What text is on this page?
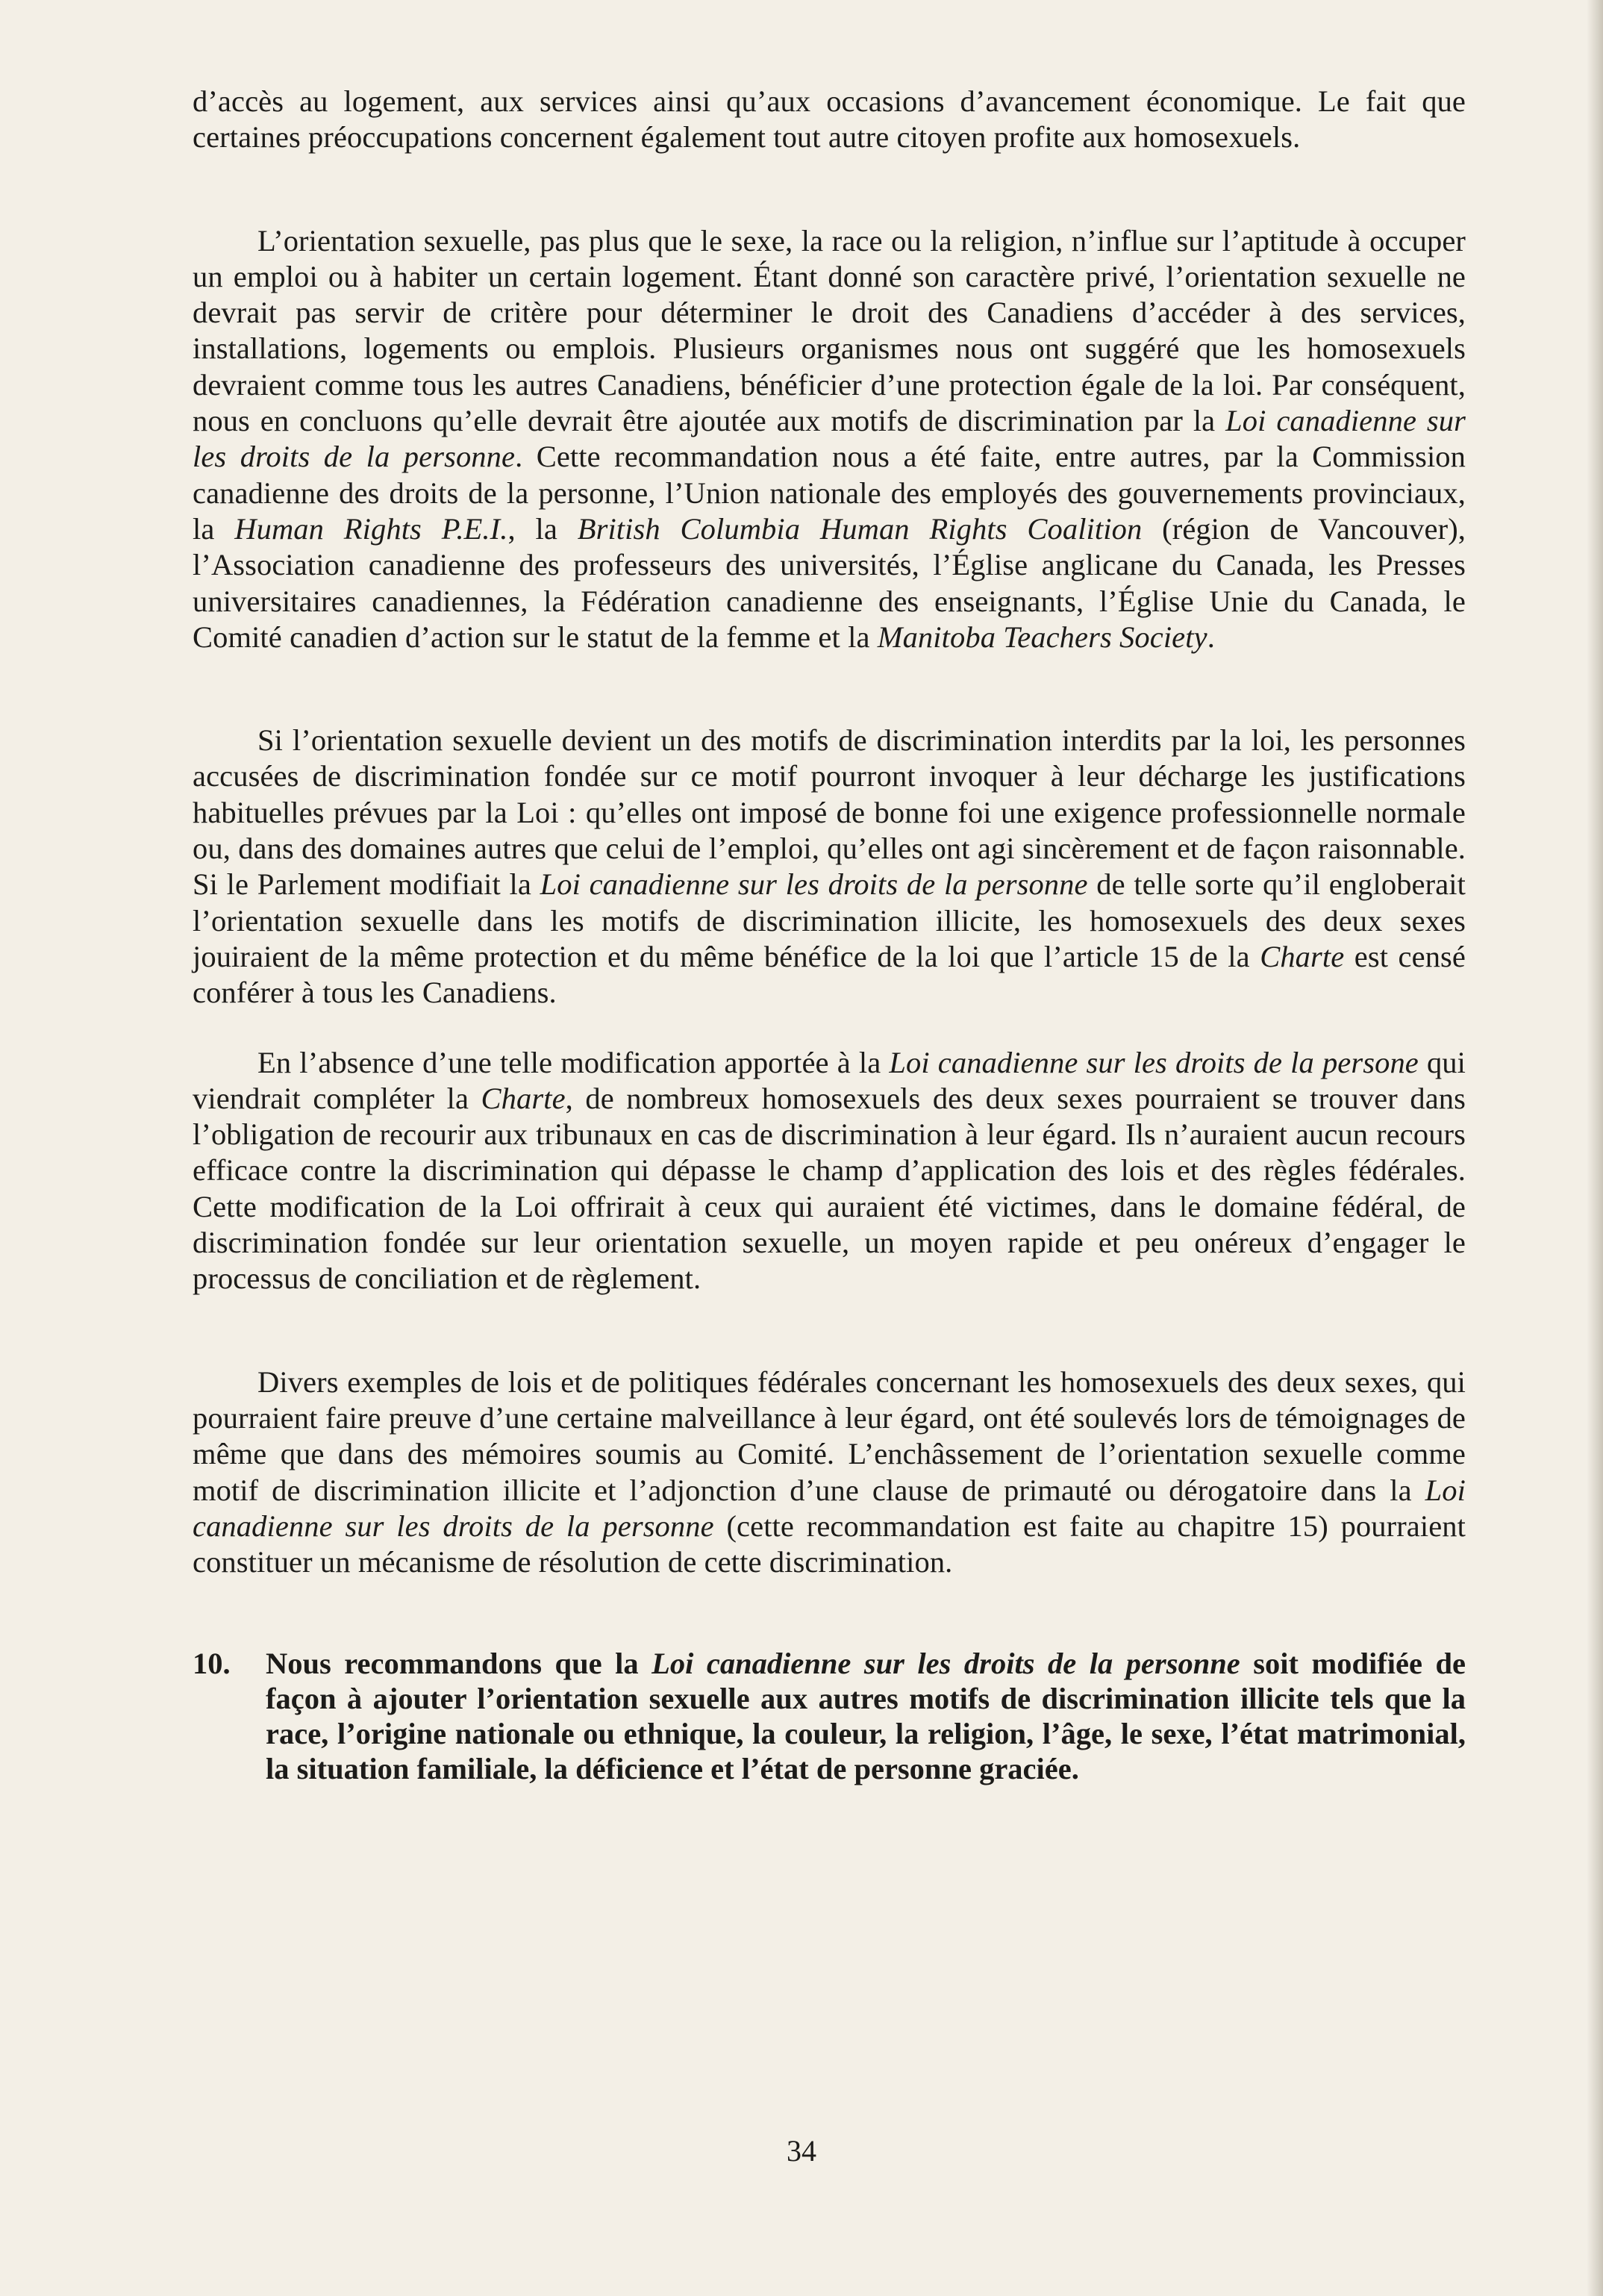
d’accès au logement, aux services ainsi qu’aux occasions d’avancement économique. Le fait que certaines préoccupations concernent également tout autre citoyen profite aux homosexuels.

L’orientation sexuelle, pas plus que le sexe, la race ou la religion, n’influe sur l’aptitude à occuper un emploi ou à habiter un certain logement. Étant donné son caractère privé, l’orientation sexuelle ne devrait pas servir de critère pour déterminer le droit des Canadiens d’accéder à des services, installations, logements ou emplois. Plusieurs organismes nous ont suggéré que les homosexuels devraient comme tous les autres Canadiens, bénéficier d’une protection égale de la loi. Par conséquent, nous en concluons qu’elle devrait être ajoutée aux motifs de discrimination par la Loi canadienne sur les droits de la personne. Cette recommandation nous a été faite, entre autres, par la Commission canadienne des droits de la personne, l’Union nationale des employés des gouvernements provinciaux, la Human Rights P.E.I., la British Columbia Human Rights Coalition (région de Vancouver), l’Association canadienne des professeurs des universités, l’Église anglicane du Canada, les Presses universitaires canadiennes, la Fédération canadienne des enseignants, l’Église Unie du Canada, le Comité canadien d’action sur le statut de la femme et la Manitoba Teachers Society.

Si l’orientation sexuelle devient un des motifs de discrimination interdits par la loi, les personnes accusées de discrimination fondée sur ce motif pourront invoquer à leur décharge les justifications habituelles prévues par la Loi : qu’elles ont imposé de bonne foi une exigence professionnelle normale ou, dans des domaines autres que celui de l’emploi, qu’elles ont agi sincèrement et de façon raisonnable. Si le Parlement modifiait la Loi canadienne sur les droits de la personne de telle sorte qu’il engloberait l’orientation sexuelle dans les motifs de discrimination illicite, les homosexuels des deux sexes jouiraient de la même protection et du même bénéfice de la loi que l’article 15 de la Charte est censé conférer à tous les Canadiens.

En l’absence d’une telle modification apportée à la Loi canadienne sur les droits de la persone qui viendrait compléter la Charte, de nombreux homosexuels des deux sexes pourraient se trouver dans l’obligation de recourir aux tribunaux en cas de discrimination à leur égard. Ils n’auraient aucun recours efficace contre la discrimination qui dépasse le champ d’application des lois et des règles fédérales. Cette modification de la Loi offrirait à ceux qui auraient été victimes, dans le domaine fédéral, de discrimination fondée sur leur orientation sexuelle, un moyen rapide et peu onéreux d’engager le processus de conciliation et de règlement.

Divers exemples de lois et de politiques fédérales concernant les homosexuels des deux sexes, qui pourraient faire preuve d’une certaine malveillance à leur égard, ont été soulevés lors de témoignages de même que dans des mémoires soumis au Comité. L’enchâssement de l’orientation sexuelle comme motif de discrimination illicite et l’adjonction d’une clause de primauté ou dérogatoire dans la Loi canadienne sur les droits de la personne (cette recommandation est faite au chapitre 15) pourraient constituer un mécanisme de résolution de cette discrimination.

10.	Nous recommandons que la Loi canadienne sur les droits de la personne soit modifiée de façon à ajouter l’orientation sexuelle aux autres motifs de discrimination illicite tels que la race, l’origine nationale ou ethnique, la couleur, la religion, l’âge, le sexe, l’état matrimonial, la situation familiale, la déficience et l’état de personne graciée.
34
